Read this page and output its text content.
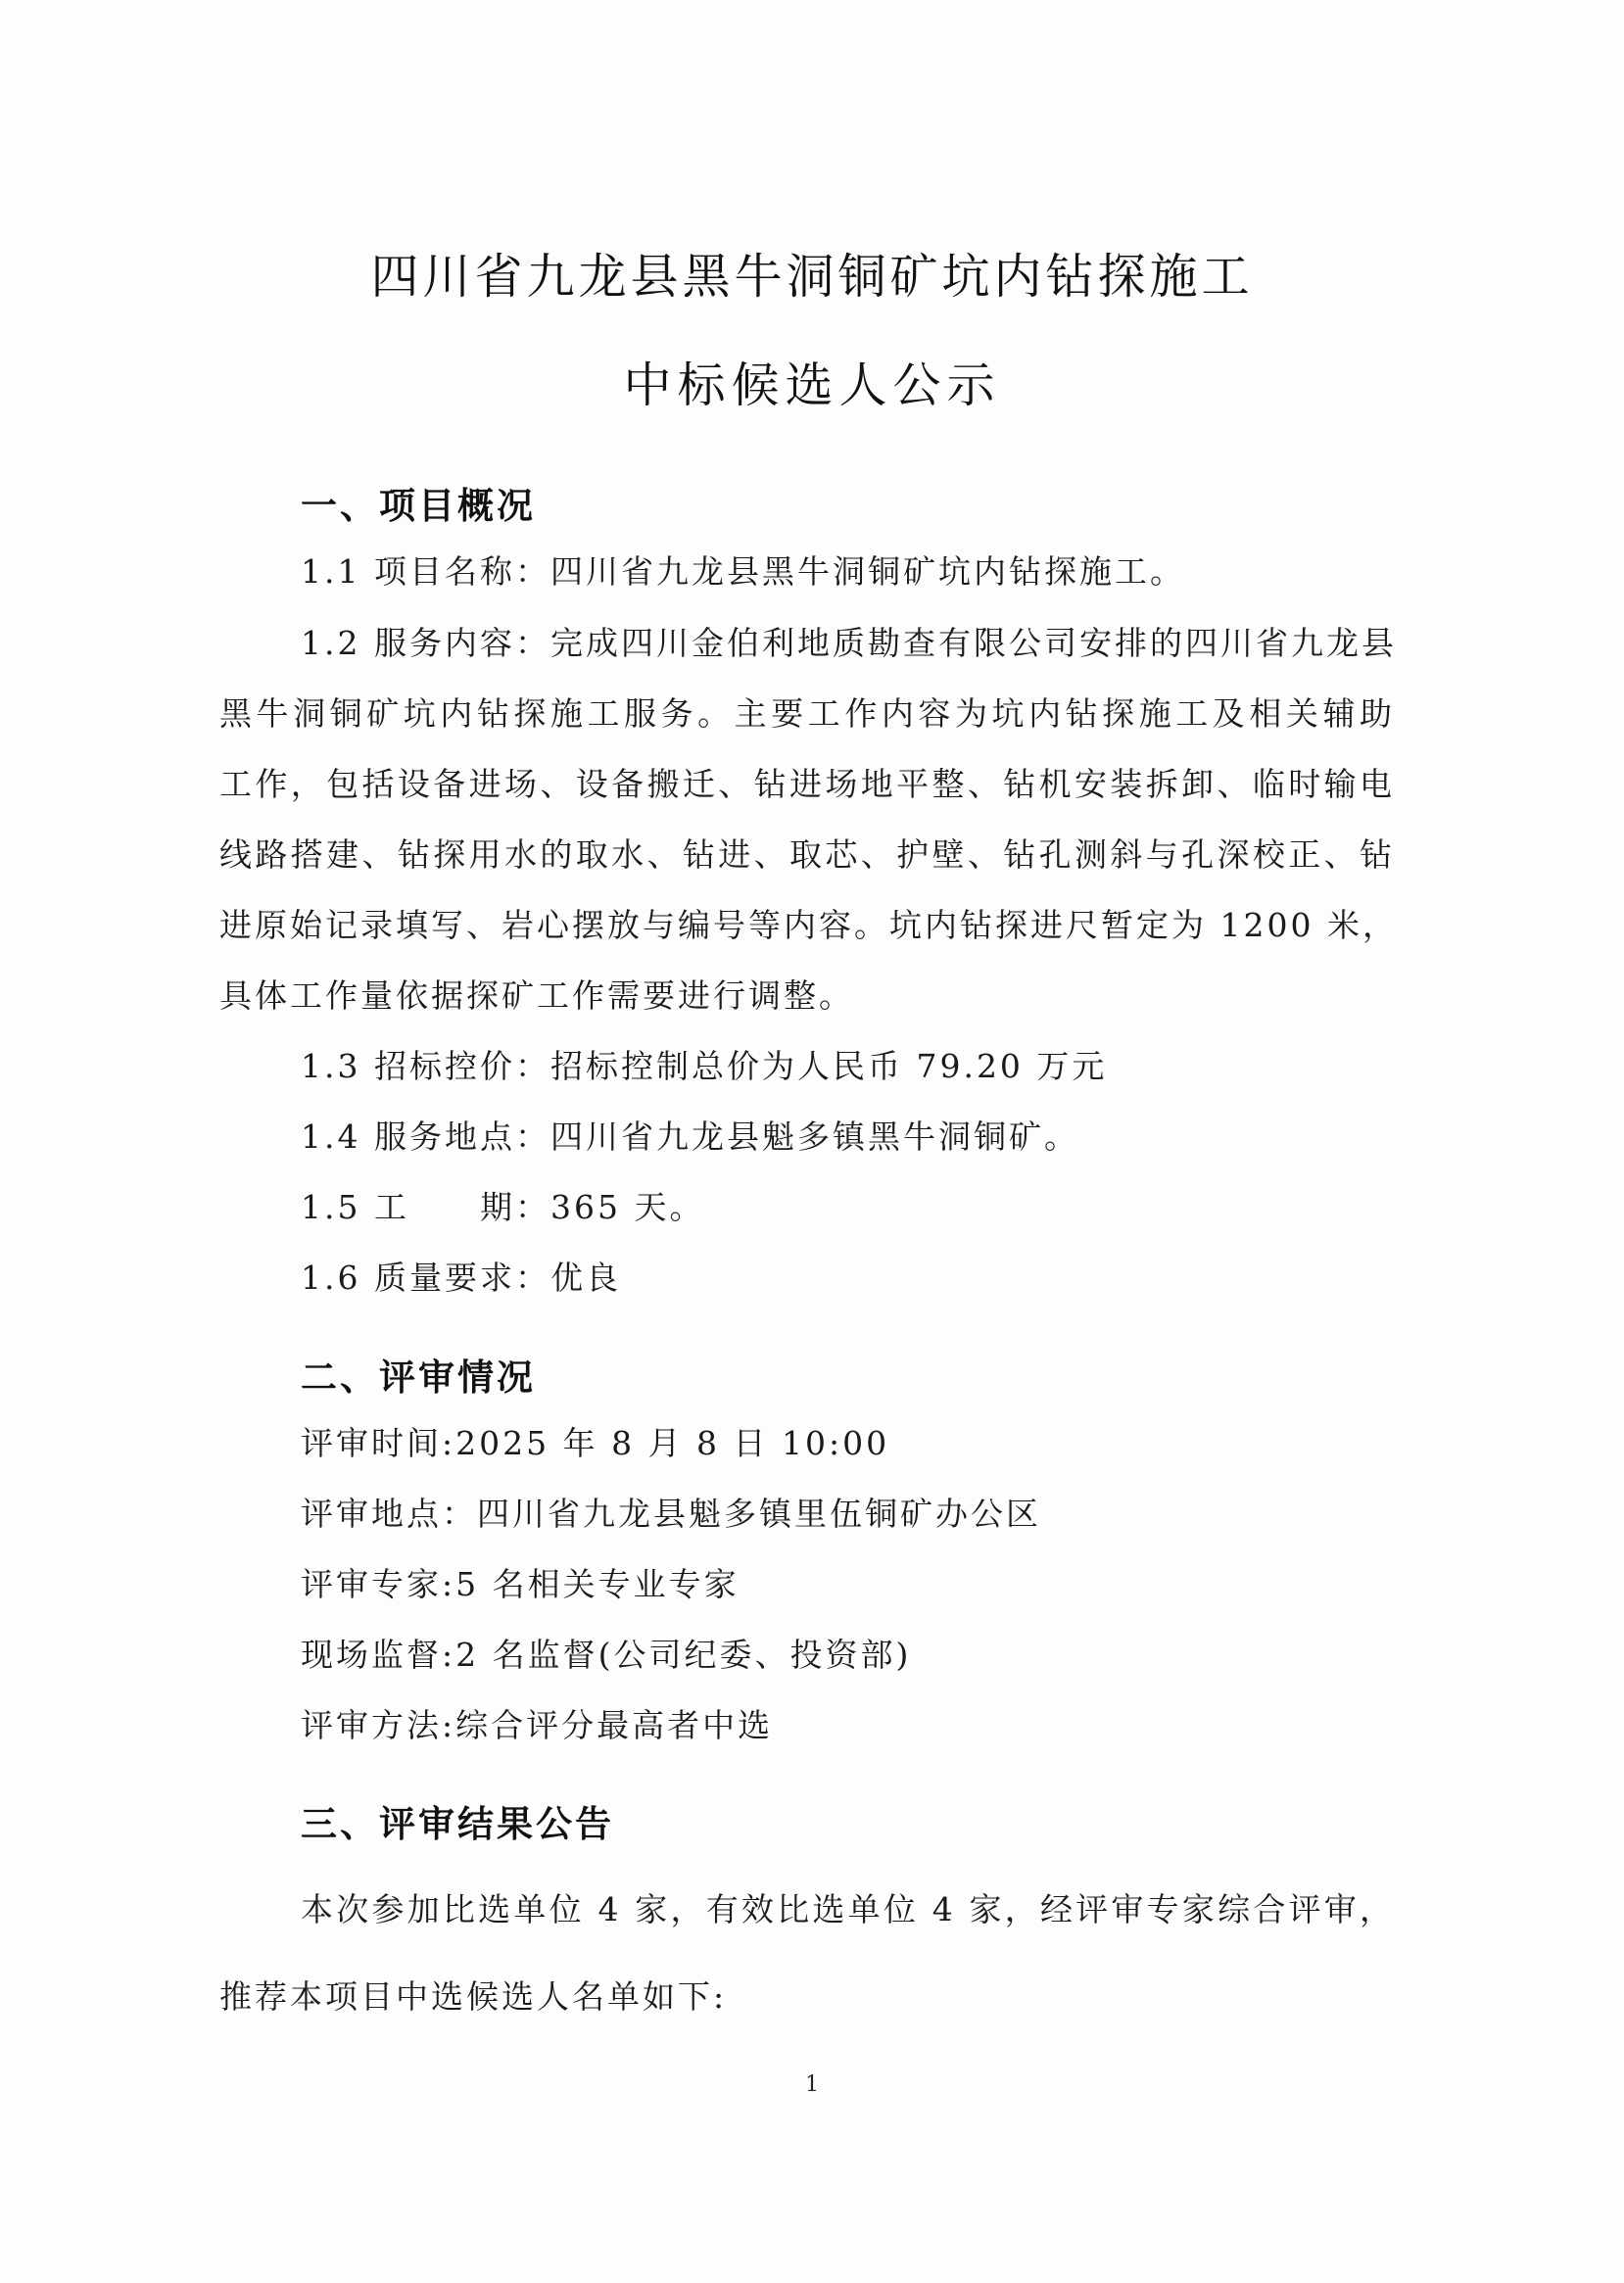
四川省九龙县黑牛洞铜矿坑内钻探施工
中标候选人公示
一、项目概况
1.1 项目名称：四川省九龙县黑牛洞铜矿坑内钻探施工。
1.2 服务内容：完成四川金伯利地质勘查有限公司安排的四川省九龙县
黑牛洞铜矿坑内钻探施工服务。主要工作内容为坑内钻探施工及相关辅助
工作，包括设备进场、设备搬迁、钻进场地平整、钻机安装拆卸、临时输电
线路搭建、钻探用水的取水、钻进、取芯、护壁、钻孔测斜与孔深校正、钻
进原始记录填写、岩心摆放与编号等内容。坑内钻探进尺暂定为 1200 米，
具体工作量依据探矿工作需要进行调整。
1.3 招标控价：招标控制总价为人民币 79.20 万元
1.4 服务地点：四川省九龙县魁多镇黑牛洞铜矿。
1.5 工　　期：365 天。
1.6 质量要求：优良
二、评审情况
评审时间:2025 年 8 月 8 日 10:00
评审地点：四川省九龙县魁多镇里伍铜矿办公区
评审专家:5 名相关专业专家
现场监督:2 名监督(公司纪委、投资部)
评审方法:综合评分最高者中选
三、评审结果公告
本次参加比选单位 4 家，有效比选单位 4 家，经评审专家综合评审，
推荐本项目中选候选人名单如下:
1
